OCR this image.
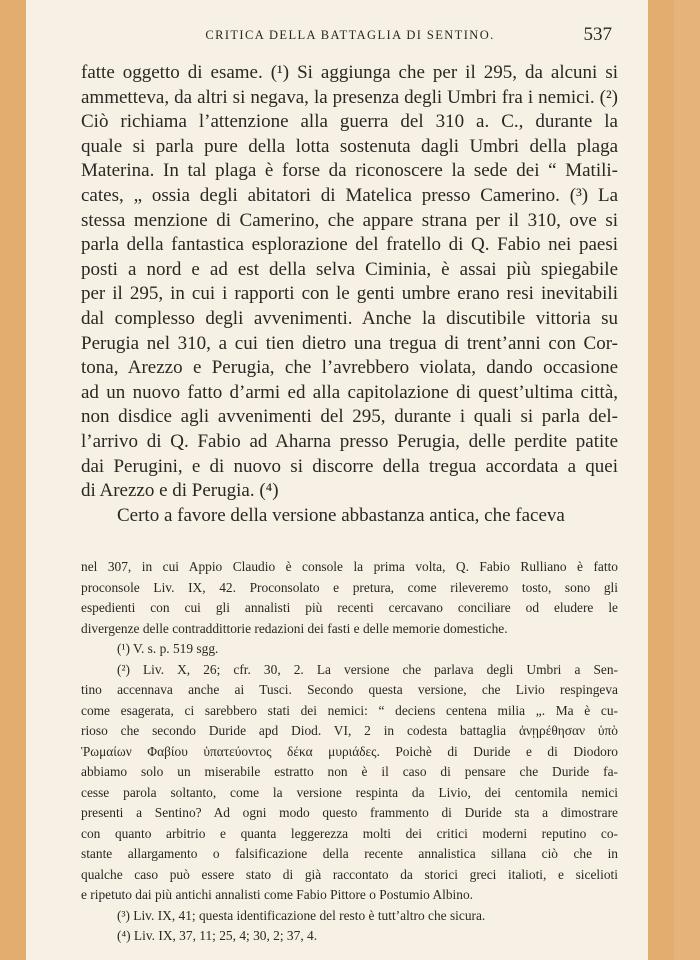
CRITICA DELLA BATTAGLIA DI SENTINO.	537
fatte oggetto di esame. (¹) Si aggiunga che per il 295, da alcuni si
ammetteva, da altri si negava, la presenza degli Umbri fra i nemici. (²)
Ciò richiama l’attenzione alla guerra del 310 a. C., durante la
quale si parla pure della lotta sostenuta dagli Umbri della plaga
Materina. In tal plaga è forse da riconoscere la sede dei “ Matili-
cates, „ ossia degli abitatori di Matelica presso Camerino. (³) La
stessa menzione di Camerino, che appare strana per il 310, ove si
parla della fantastica esplorazione del fratello di Q. Fabio nei paesi
posti a nord e ad est della selva Ciminia, è assai più spiegabile
per il 295, in cui i rapporti con le genti umbre erano resi inevitabili
dal complesso degli avvenimenti. Anche la discutibile vittoria su
Perugia nel 310, a cui tien dietro una tregua di trent’anni con Cor-
tona, Arezzo e Perugia, che l’avrebbero violata, dando occasione
ad un nuovo fatto d’armi ed alla capitolazione di quest’ultima città,
non disdice agli avvenimenti del 295, durante i quali si parla del-
l’arrivo di Q. Fabio ad Aharna presso Perugia, delle perdite patite
dai Perugini, e di nuovo si discorre della tregua accordata a quei
di Arezzo e di Perugia. (⁴)
Certo a favore della versione abbastanza antica, che faceva
nel 307, in cui Appio Claudio è console la prima volta, Q. Fabio Rulliano è fatto
proconsole Liv. IX, 42. Proconsolato e pretura, come rileveremo tosto, sono gli
espedienti con cui gli annalisti più recenti cercavano conciliare od eludere le
divergenze delle contraddittorie redazioni dei fasti e delle memorie domestiche.
(¹) V. s. p. 519 sgg.
(²) Liv. X, 26; cfr. 30, 2. La versione che parlava degli Umbri a Sen-
tino accennava anche ai Tusci. Secondo questa versione, che Livio respingeva
come esagerata, ci sarebbero stati dei nemici: “ deciens centena milia „. Ma è cu-
rioso che secondo Duride apd Diod. VI, 2 in codesta battaglia ἀνῃρέθησαν ὑπὸ
Ῥωμαίων Φαβίου ὑπατεύοντος δέκα μυριάδες. Poichè di Duride e di Diodoro
abbiamo solo un miserabile estratto non è il caso di pensare che Duride fa-
cesse parola soltanto, come la versione respinta da Livio, dei centomila nemici
presenti a Sentino? Ad ogni modo questo frammento di Duride sta a dimostrare
con quanto arbitrio e quanta leggerezza molti dei critici moderni reputino co-
stante allargamento o falsificazione della recente annalistica sillana ciò che in
qualche caso può essere stato di già raccontato da storici greci italioti, e sicelioti
e ripetuto dai più antichi annalisti come Fabio Pittore o Postumio Albino.
(³) Liv. IX, 41; questa identificazione del resto è tutt’altro che sicura.
(⁴) Liv. IX, 37, 11; 25, 4; 30, 2; 37, 4.
